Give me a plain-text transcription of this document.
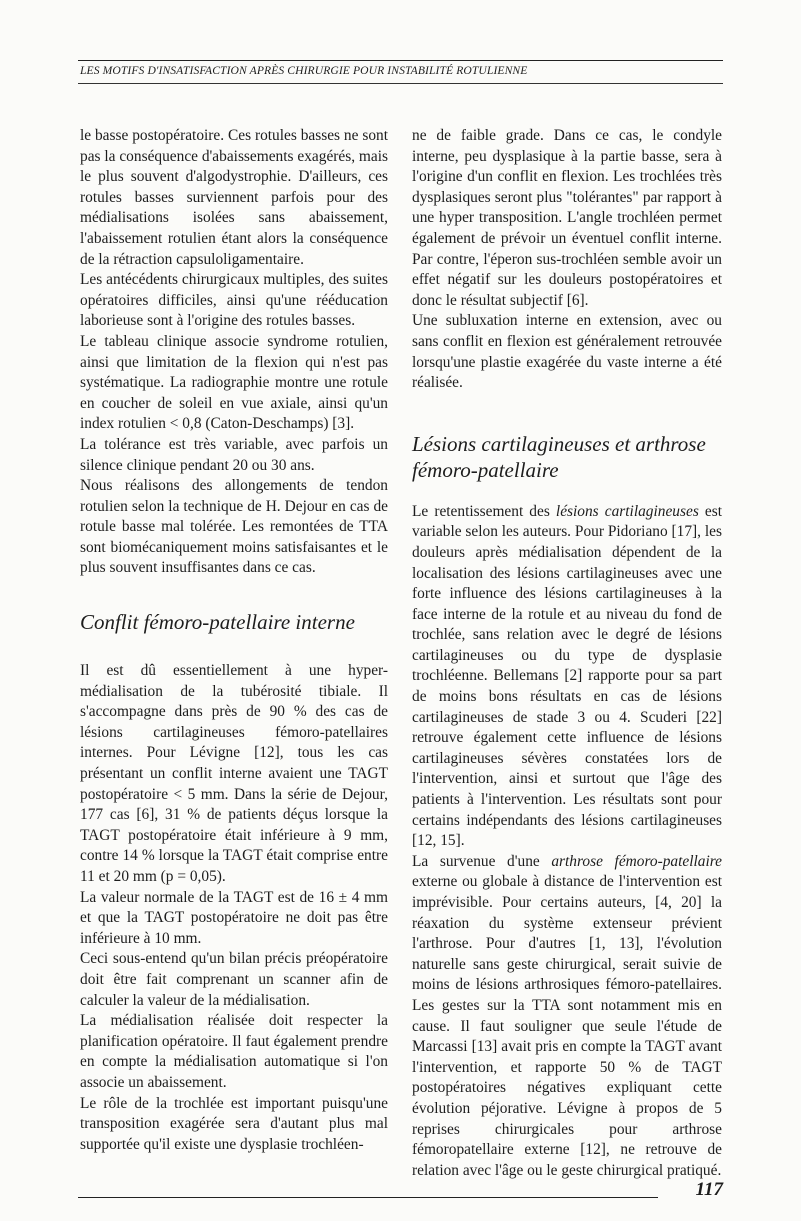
LES MOTIFS D'INSATISFACTION APRÈS CHIRURGIE POUR INSTABILITÉ ROTULIENNE

le basse postopératoire. Ces rotules basses ne sont pas la conséquence d'abaissements exagérés, mais le plus souvent d'algodystrophie. D'ailleurs, ces rotules basses surviennent parfois pour des médialisations isolées sans abaissement, l'abaissement rotulien étant alors la conséquence de la rétraction capsuloligamentaire.

Les antécédents chirurgicaux multiples, des suites opératoires difficiles, ainsi qu'une rééducation laborieuse sont à l'origine des rotules basses.

Le tableau clinique associe syndrome rotulien, ainsi que limitation de la flexion qui n'est pas systématique. La radiographie montre une rotule en coucher de soleil en vue axiale, ainsi qu'un index rotulien < 0,8 (Caton-Deschamps) [3].

La tolérance est très variable, avec parfois un silence clinique pendant 20 ou 30 ans.

Nous réalisons des allongements de tendon rotulien selon la technique de H. Dejour en cas de rotule basse mal tolérée. Les remontées de TTA sont biomécaniquement moins satisfaisantes et le plus souvent insuffisantes dans ce cas.

Conflit fémoro-patellaire interne

Il est dû essentiellement à une hyper-médialisation de la tubérosité tibiale. Il s'accompagne dans près de 90 % des cas de lésions cartilagineuses fémoro-patellaires internes. Pour Lévigne [12], tous les cas présentant un conflit interne avaient une TAGT postopératoire < 5 mm. Dans la série de Dejour, 177 cas [6], 31 % de patients déçus lorsque la TAGT postopératoire était inférieure à 9 mm, contre 14 % lorsque la TAGT était comprise entre 11 et 20 mm (p = 0,05).

La valeur normale de la TAGT est de 16 ± 4 mm et que la TAGT postopératoire ne doit pas être inférieure à 10 mm.

Ceci sous-entend qu'un bilan précis préopératoire doit être fait comprenant un scanner afin de calculer la valeur de la médialisation.

La médialisation réalisée doit respecter la planification opératoire. Il faut également prendre en compte la médialisation automatique si l'on associe un abaissement.

Le rôle de la trochlée est important puisqu'une transposition exagérée sera d'autant plus mal supportée qu'il existe une dysplasie trochléen-

ne de faible grade. Dans ce cas, le condyle interne, peu dysplasique à la partie basse, sera à l'origine d'un conflit en flexion. Les trochlées très dysplasiques seront plus "tolérantes" par rapport à une hyper transposition. L'angle trochléen permet également de prévoir un éventuel conflit interne. Par contre, l'éperon sus-trochléen semble avoir un effet négatif sur les douleurs postopératoires et donc le résultat subjectif [6].

Une subluxation interne en extension, avec ou sans conflit en flexion est généralement retrouvée lorsqu'une plastie exagérée du vaste interne a été réalisée.

Lésions cartilagineuses et arthrose fémoro-patellaire

Le retentissement des lésions cartilagineuses est variable selon les auteurs. Pour Pidoriano [17], les douleurs après médialisation dépendent de la localisation des lésions cartilagineuses avec une forte influence des lésions cartilagineuses à la face interne de la rotule et au niveau du fond de trochlée, sans relation avec le degré de lésions cartilagineuses ou du type de dysplasie trochléenne. Bellemans [2] rapporte pour sa part de moins bons résultats en cas de lésions cartilagineuses de stade 3 ou 4. Scuderi [22] retrouve également cette influence de lésions cartilagineuses sévères constatées lors de l'intervention, ainsi et surtout que l'âge des patients à l'intervention. Les résultats sont pour certains indépendants des lésions cartilagineuses [12, 15].

La survenue d'une arthrose fémoro-patellaire externe ou globale à distance de l'intervention est imprévisible. Pour certains auteurs, [4, 20] la réaxation du système extenseur prévient l'arthrose. Pour d'autres [1, 13], l'évolution naturelle sans geste chirurgical, serait suivie de moins de lésions arthrosiques fémoro-patellaires. Les gestes sur la TTA sont notamment mis en cause. Il faut souligner que seule l'étude de Marcassi [13] avait pris en compte la TAGT avant l'intervention, et rapporte 50 % de TAGT postopératoires négatives expliquant cette évolution péjorative. Lévigne à propos de 5 reprises chirurgicales pour arthrose fémoropatellaire externe [12], ne retrouve de relation avec l'âge ou le geste chirurgical pratiqué.

117
